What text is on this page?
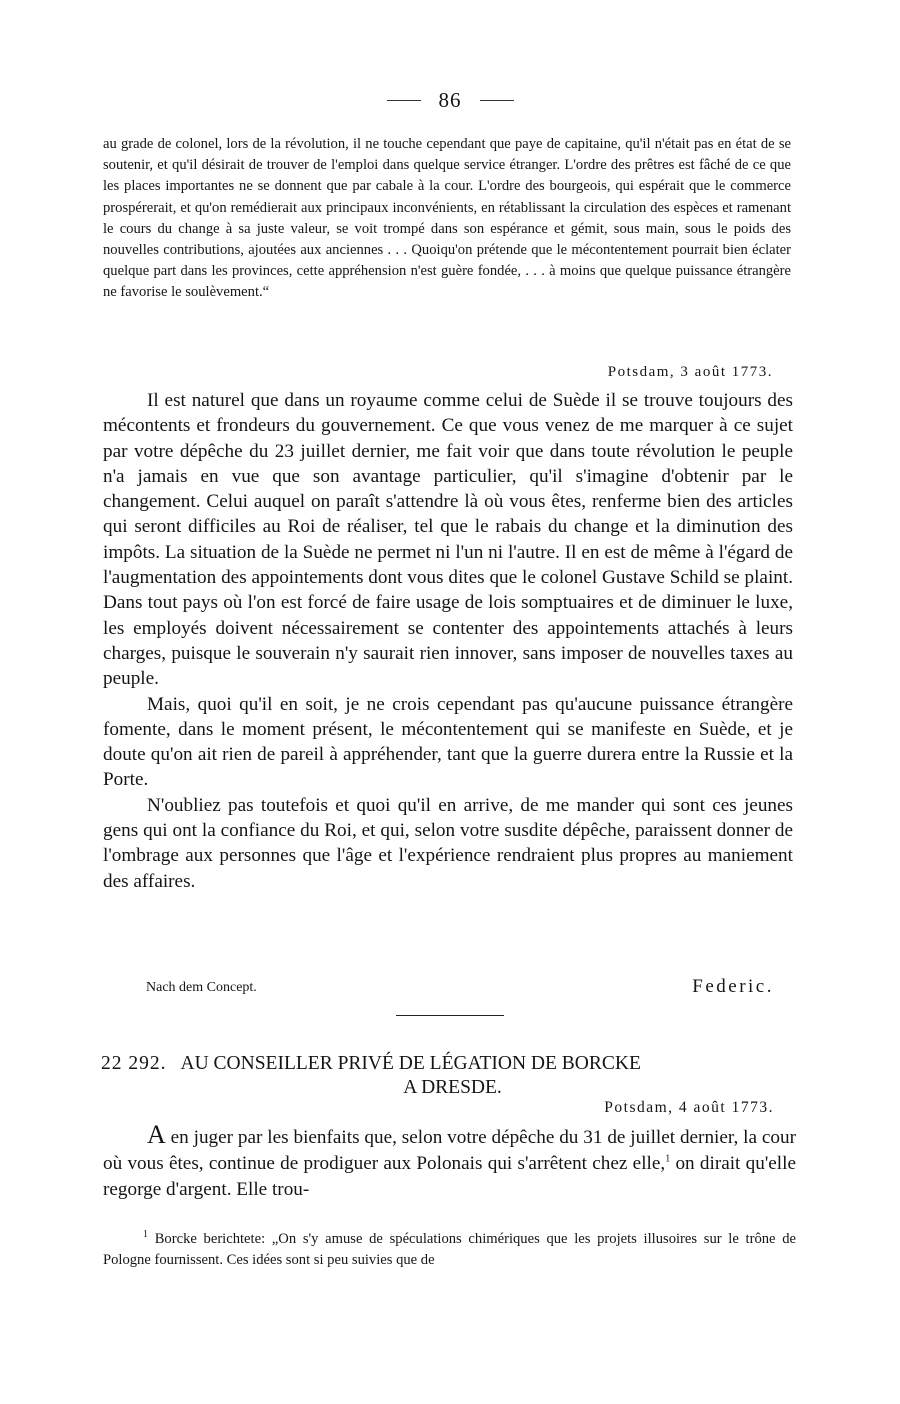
86

au grade de colonel, lors de la révolution, il ne touche cependant que paye de capitaine, qu'il n'était pas en état de se soutenir, et qu'il désirait de trouver de l'emploi dans quelque service étranger. L'ordre des prêtres est fâché de ce que les places importantes ne se donnent que par cabale à la cour. L'ordre des bourgeois, qui espérait que le commerce prospérerait, et qu'on remédierait aux principaux inconvénients, en rétablissant la circulation des espèces et ramenant le cours du change à sa juste valeur, se voit trompé dans son espérance et gémit, sous main, sous le poids des nouvelles contributions, ajoutées aux anciennes . . . Quoiqu'on prétende que le mécontentement pourrait bien éclater quelque part dans les provinces, cette appréhension n'est guère fondée, . . . à moins que quelque puissance étrangère ne favorise le soulèvement.“

Potsdam, 3 août 1773.

Il est naturel que dans un royaume comme celui de Suède il se trouve toujours des mécontents et frondeurs du gouvernement. Ce que vous venez de me marquer à ce sujet par votre dépêche du 23 juillet dernier, me fait voir que dans toute révolution le peuple n'a jamais en vue que son avantage particulier, qu'il s'imagine d'obtenir par le changement. Celui auquel on paraît s'attendre là où vous êtes, renferme bien des articles qui seront difficiles au Roi de réaliser, tel que le rabais du change et la diminution des impôts. La situation de la Suède ne permet ni l'un ni l'autre. Il en est de même à l'égard de l'augmentation des appointements dont vous dites que le colonel Gustave Schild se plaint. Dans tout pays où l'on est forcé de faire usage de lois somptuaires et de diminuer le luxe, les employés doivent nécessairement se contenter des appointements attachés à leurs charges, puisque le souverain n'y saurait rien innover, sans imposer de nouvelles taxes au peuple.

Mais, quoi qu'il en soit, je ne crois cependant pas qu'aucune puissance étrangère fomente, dans le moment présent, le mécontentement qui se manifeste en Suède, et je doute qu'on ait rien de pareil à appréhender, tant que la guerre durera entre la Russie et la Porte.

N'oubliez pas toutefois et quoi qu'il en arrive, de me mander qui sont ces jeunes gens qui ont la confiance du Roi, et qui, selon votre susdite dépêche, paraissent donner de l'ombrage aux personnes que l'âge et l'expérience rendraient plus propres au maniement des affaires.

Nach dem Concept.	Federic.
22 292. AU CONSEILLER PRIVÉ DE LÉGATION DE BORCKE
A DRESDE.
Potsdam, 4 août 1773.

A en juger par les bienfaits que, selon votre dépêche du 31 de juillet dernier, la cour où vous êtes, continue de prodiguer aux Polonais qui s'arrêtent chez elle,$^1$ on dirait qu'elle regorge d'argent. Elle trou-

$^1$ Borcke berichtete: „On s'y amuse de spéculations chimériques que les projets illusoires sur le trône de Pologne fournissent. Ces idées sont si peu suivies que de
